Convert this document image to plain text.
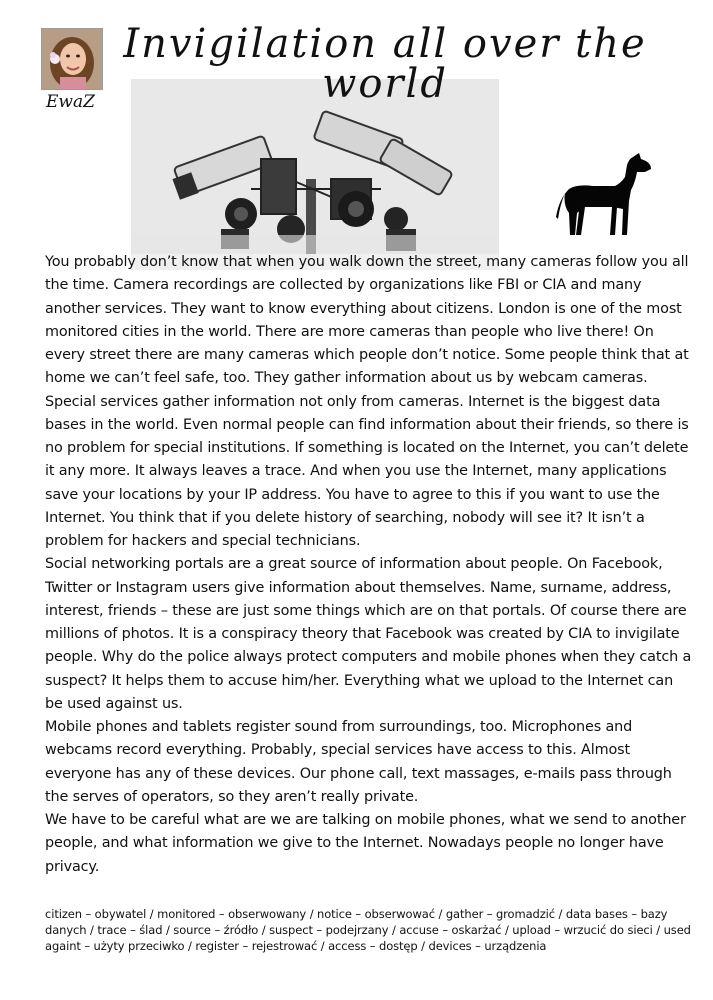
EwaZ
Invigilation all over the world

You probably don’t know that when you walk down the street, many cameras follow you all the time. Camera recordings are collected by organizations like FBI or CIA and many another services. They want to know everything about citizens. London is one of the most monitored cities in the world. There are more cameras than people who live there! On every street there are many cameras which people don’t notice. Some people think that at home we can’t feel safe, too. They gather information about us by webcam cameras.

Special services gather information not only from cameras. Internet is the biggest data bases in the world. Even normal people can find information about their friends, so there is no problem for special institutions. If something is located on the Internet, you can’t delete it any more. It always leaves a trace. And when you use the Internet, many applications save your locations by your IP address. You have to agree to this if you want to use the Internet. You think that if you delete history of searching, nobody will see it? It isn’t a problem for hackers and special technicians.

Social networking portals are a great source of information about people. On Facebook, Twitter or Instagram users give information about themselves. Name, surname, address, interest, friends – these are just some things which are on that portals. Of course there are millions of photos. It is a conspiracy theory that Facebook was created by CIA to invigilate people. Why do the police always protect computers and mobile phones when they catch a suspect? It helps them to accuse him/her. Everything what we upload to the Internet can be used against us.

Mobile phones and tablets register sound from surroundings, too. Microphones and webcams record everything. Probably, special services have access to this. Almost everyone has any of these devices. Our phone call, text massages, e-mails pass through the serves of operators, so they aren’t really private.

We have to be careful what are we are talking on mobile phones, what we send to another people, and what information we give to the Internet. Nowadays people no longer have privacy.

citizen – obywatel / monitored – obserwowany / notice – obserwować / gather – gromadzić / data bases – bazy danych / trace – ślad / source – źródło / suspect – podejrzany / accuse – oskarżać / upload – wrzucić do sieci / used againt – użyty przeciwko / register – rejestrować / access – dostęp / devices – urządzenia
